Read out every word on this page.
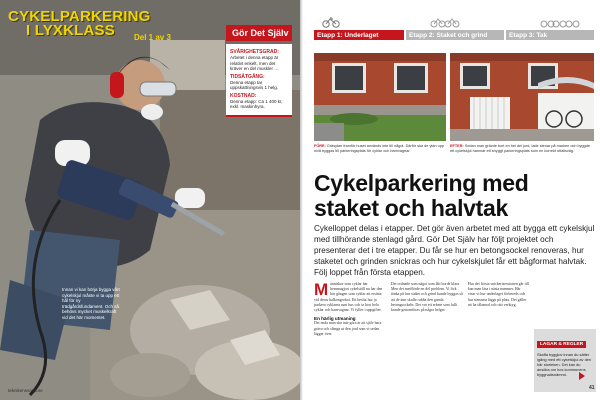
CYKELPARKERING
I LYXKLASS	Del 1 av 3	Gör Det Själv
SVÅRIGHETSGRAD:
Arbetet i denna etapp är relativt enkelt, men det kräver en del muskler …
TIDSÅTGÅNG:
Denna etapp tar uppskattningsvis 1 helg.
KOSTNAD:
Denna etapp: Ca 1 400 kr, exkl. maskinhyra.
Innan vi kan börja bygga vårt cykelskjul måste vi ta upp ett hål för ny trädgårdsfundament. Och så behövs mycket muskelkraft vid det här momentet.
teknikensvarld.se
Etapp 1: Underlaget	Etapp 2: Staket och grind	Etapp 3: Tak
FÖRE: Gräsytan framför huset används inte till något. Därför ska de ytan upp nivå byggas till parkeringsplats för cyklar och barnvagnar.
EFTER: Sedan man grävde bort en hel del jord, lade stenar på marken och byggde ett cykelskjul hamnar ett snyggt parkeringsplats som en korrekt utfallsväg.
Cykelparkering med staket och halvtak

Cykelloppet delas i etapper. Det gör även arbetet med att bygga ett cykelskjul med tillhörande stenlagd gård. Gör Det Själv har följt projektet och presenterar det i tre etapper. Du får se hur en betongsockel renoveras, hur staketet och grinden snickras och hur cykelskjulet får ett bågformat halvtak. Följ loppet från första etappen.

M änniskor som cyklar har hemmagjort cykelställ nu har den här gången som cyklar att ersätta vid deras balkongrobot. Ett beslut hur ja parkera cyklarna runt hus och ta bort hela cyklar och barnvagnar. Vi fyller i uppgifter.
En härlig utmaning
Det enda man ska inte göra är att själv bara gräva och slänga ut den jord som vi sedan lägger över.
Det ordnade som något som lätt borde klara. Men det medförde en del problem. Vi fick tänka på hur staket och grind kunde byggas så att de inte skulle rubba den gamla betongsockeln. Det var ett arbete som fullt kunde genomföras på några helger.
Hur det första snickerisessionen går till kan man läsa i nästa nummer. Här visar vi hur underlaget förbereds och hur stenarna läggs på plats. Det gäller att ha tålamod och rätt verktyg.
LAGAR & REGLER
Skaffa bygglov innan du sätter igång med ett cykelskjul av den här storleken. Det kan du ansöka om hos kommunens byggnadsnämnd.
41
